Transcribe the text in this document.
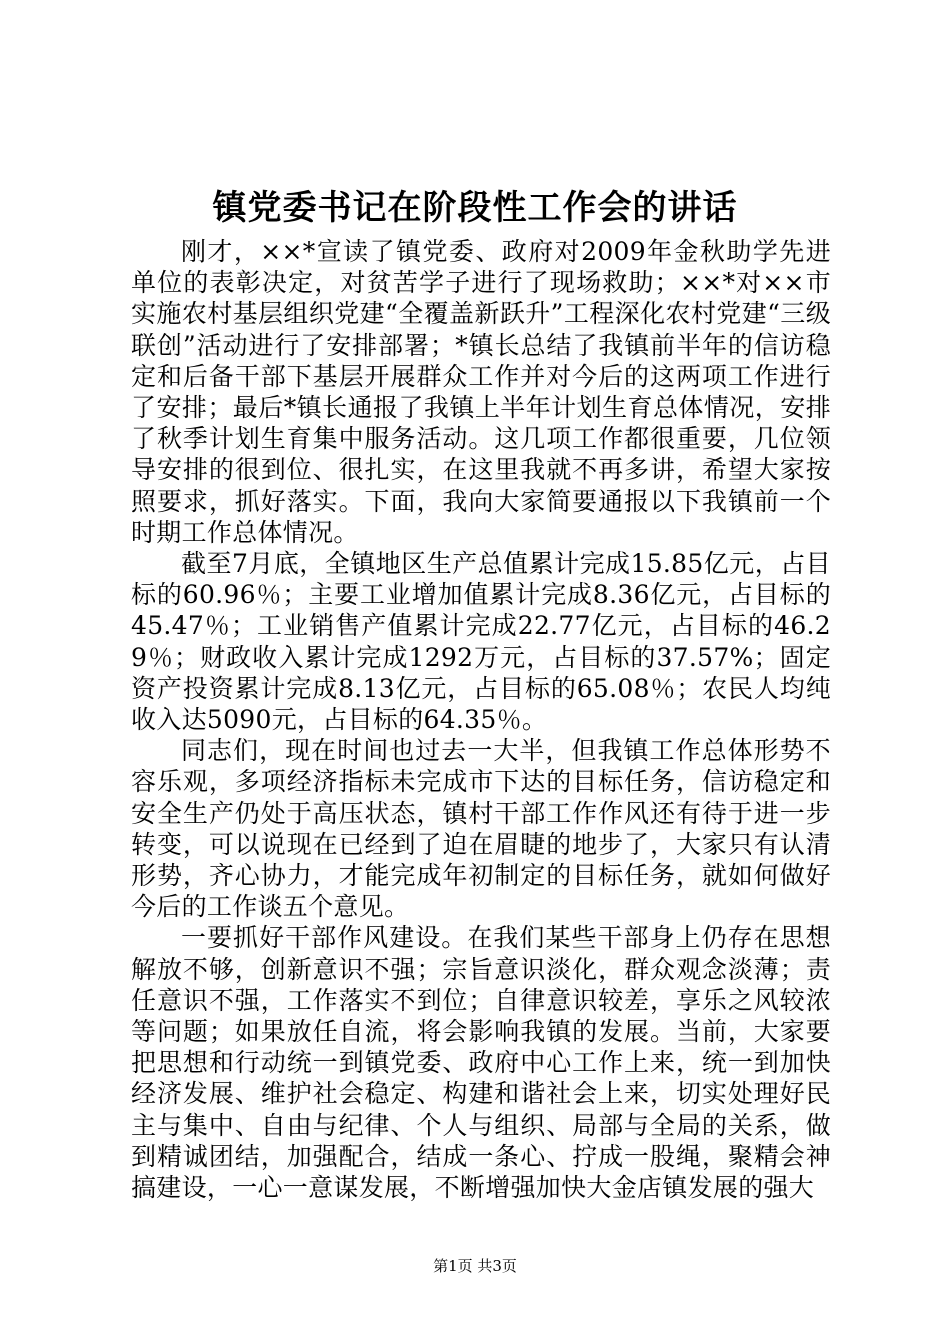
镇党委书记在阶段性工作会的讲话

刚才，××*宣读了镇党委、政府对2009年金秋助学先进单位的表彰决定，对贫苦学子进行了现场救助；××*对××市实施农村基层组织党建“全覆盖新跃升”工程深化农村党建“三级联创”活动进行了安排部署；*镇长总结了我镇前半年的信访稳定和后备干部下基层开展群众工作并对今后的这两项工作进行了安排；最后*镇长通报了我镇上半年计划生育总体情况，安排了秋季计划生育集中服务活动。这几项工作都很重要，几位领导安排的很到位、很扎实，在这里我就不再多讲，希望大家按照要求，抓好落实。下面，我向大家简要通报以下我镇前一个时期工作总体情况。

截至7月底，全镇地区生产总值累计完成15.85亿元，占目标的60.96％；主要工业增加值累计完成8.36亿元，占目标的45.47％；工业销售产值累计完成22.77亿元，占目标的46.29％；财政收入累计完成1292万元，占目标的37.57%；固定资产投资累计完成8.13亿元，占目标的65.08％；农民人均纯收入达5090元，占目标的64.35％。

同志们，现在时间也过去一大半，但我镇工作总体形势不容乐观，多项经济指标未完成市下达的目标任务，信访稳定和安全生产仍处于高压状态，镇村干部工作作风还有待于进一步转变，可以说现在已经到了迫在眉睫的地步了，大家只有认清形势，齐心协力，才能完成年初制定的目标任务，就如何做好今后的工作谈五个意见。

一要抓好干部作风建设。在我们某些干部身上仍存在思想解放不够，创新意识不强；宗旨意识淡化，群众观念淡薄；责任意识不强，工作落实不到位；自律意识较差，享乐之风较浓等问题；如果放任自流，将会影响我镇的发展。当前，大家要把思想和行动统一到镇党委、政府中心工作上来，统一到加快经济发展、维护社会稳定、构建和谐社会上来，切实处理好民主与集中、自由与纪律、个人与组织、局部与全局的关系，做到精诚团结，加强配合，结成一条心、拧成一股绳，聚精会神搞建设，一心一意谋发展，不断增强加快大金店镇发展的强大

第1页 共3页
